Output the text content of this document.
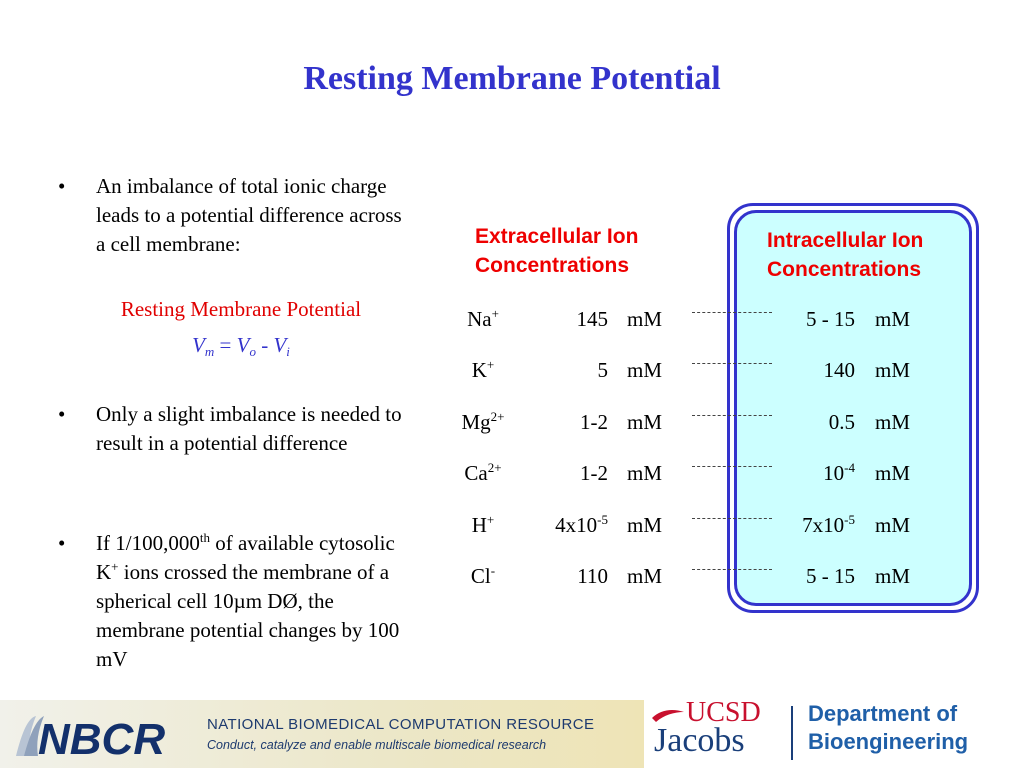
Resting Membrane Potential
•	An imbalance of total ionic charge leads to a potential difference across a cell membrane:
Resting Membrane Potential
$V_m = V_o - V_i$
•	Only a slight imbalance is needed to result in a potential difference
•	If 1/100,000th of available cytosolic K+ ions crossed the membrane of a spherical cell 10µm DØ, the membrane potential changes by 100 mV
Extracellular Ion
Concentrations
Intracellular Ion
Concentrations
Na+	145 mM	5 - 15 mM
K+	5 mM	140 mM
$Mg^{2+}$	1-2 mM	0.5 mM
$Ca^{2+}$	1-2 mM	$10^{-4}$ mM
H+	$4x10^{-5}$ mM	$7x10^{-5}$ mM
Cl-	110 mM	5 - 15 mM
NBCR	NATIONAL BIOMEDICAL COMPUTATION RESOURCE
Conduct, catalyze and enable multiscale biomedical research
UCSD
Jacobs
Department of
Bioengineering
